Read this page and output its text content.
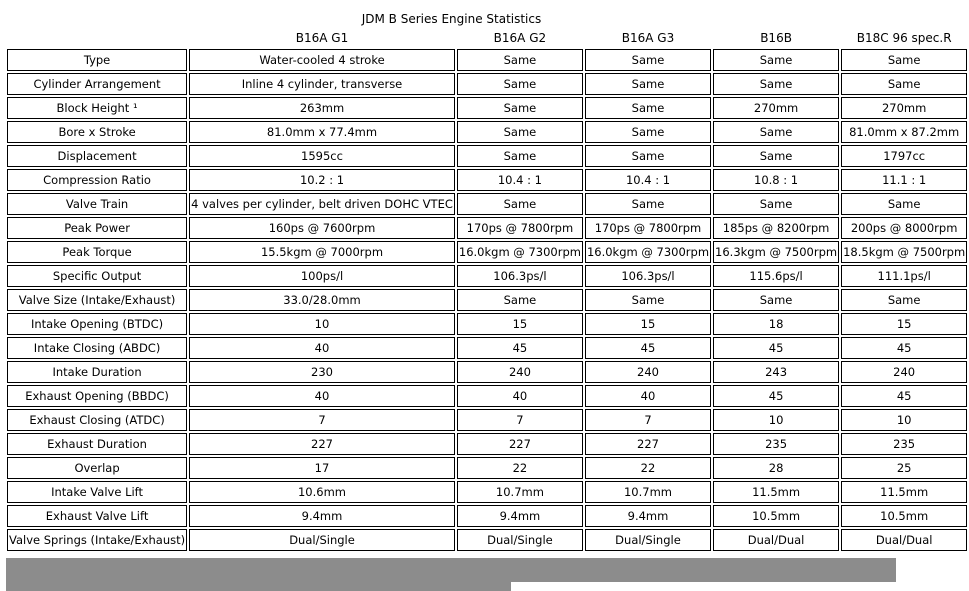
JDM B Series Engine Statistics
	B16A G1	B16A G2	B16A G3	B16B	B18C 96 spec.R
Type	Water-cooled 4 stroke	Same	Same	Same	Same
Cylinder Arrangement	Inline 4 cylinder, transverse	Same	Same	Same	Same
Block Height ¹	263mm	Same	Same	270mm	270mm
Bore x Stroke	81.0mm x 77.4mm	Same	Same	Same	81.0mm x 87.2mm
Displacement	1595cc	Same	Same	Same	1797cc
Compression Ratio	10.2 : 1	10.4 : 1	10.4 : 1	10.8 : 1	11.1 : 1
Valve Train	4 valves per cylinder, belt driven DOHC VTEC	Same	Same	Same	Same
Peak Power	160ps @ 7600rpm	170ps @ 7800rpm	170ps @ 7800rpm	185ps @ 8200rpm	200ps @ 8000rpm
Peak Torque	15.5kgm @ 7000rpm	16.0kgm @ 7300rpm	16.0kgm @ 7300rpm	16.3kgm @ 7500rpm	18.5kgm @ 7500rpm
Specific Output	100ps/l	106.3ps/l	106.3ps/l	115.6ps/l	111.1ps/l
Valve Size (Intake/Exhaust)	33.0/28.0mm	Same	Same	Same	Same
Intake Opening (BTDC)	10	15	15	18	15
Intake Closing (ABDC)	40	45	45	45	45
Intake Duration	230	240	240	243	240
Exhaust Opening (BBDC)	40	40	40	45	45
Exhaust Closing (ATDC)	7	7	7	10	10
Exhaust Duration	227	227	227	235	235
Overlap	17	22	22	28	25
Intake Valve Lift	10.6mm	10.7mm	10.7mm	11.5mm	11.5mm
Exhaust Valve Lift	9.4mm	9.4mm	9.4mm	10.5mm	10.5mm
Valve Springs (Intake/Exhaust)	Dual/Single	Dual/Single	Dual/Single	Dual/Dual	Dual/Dual
